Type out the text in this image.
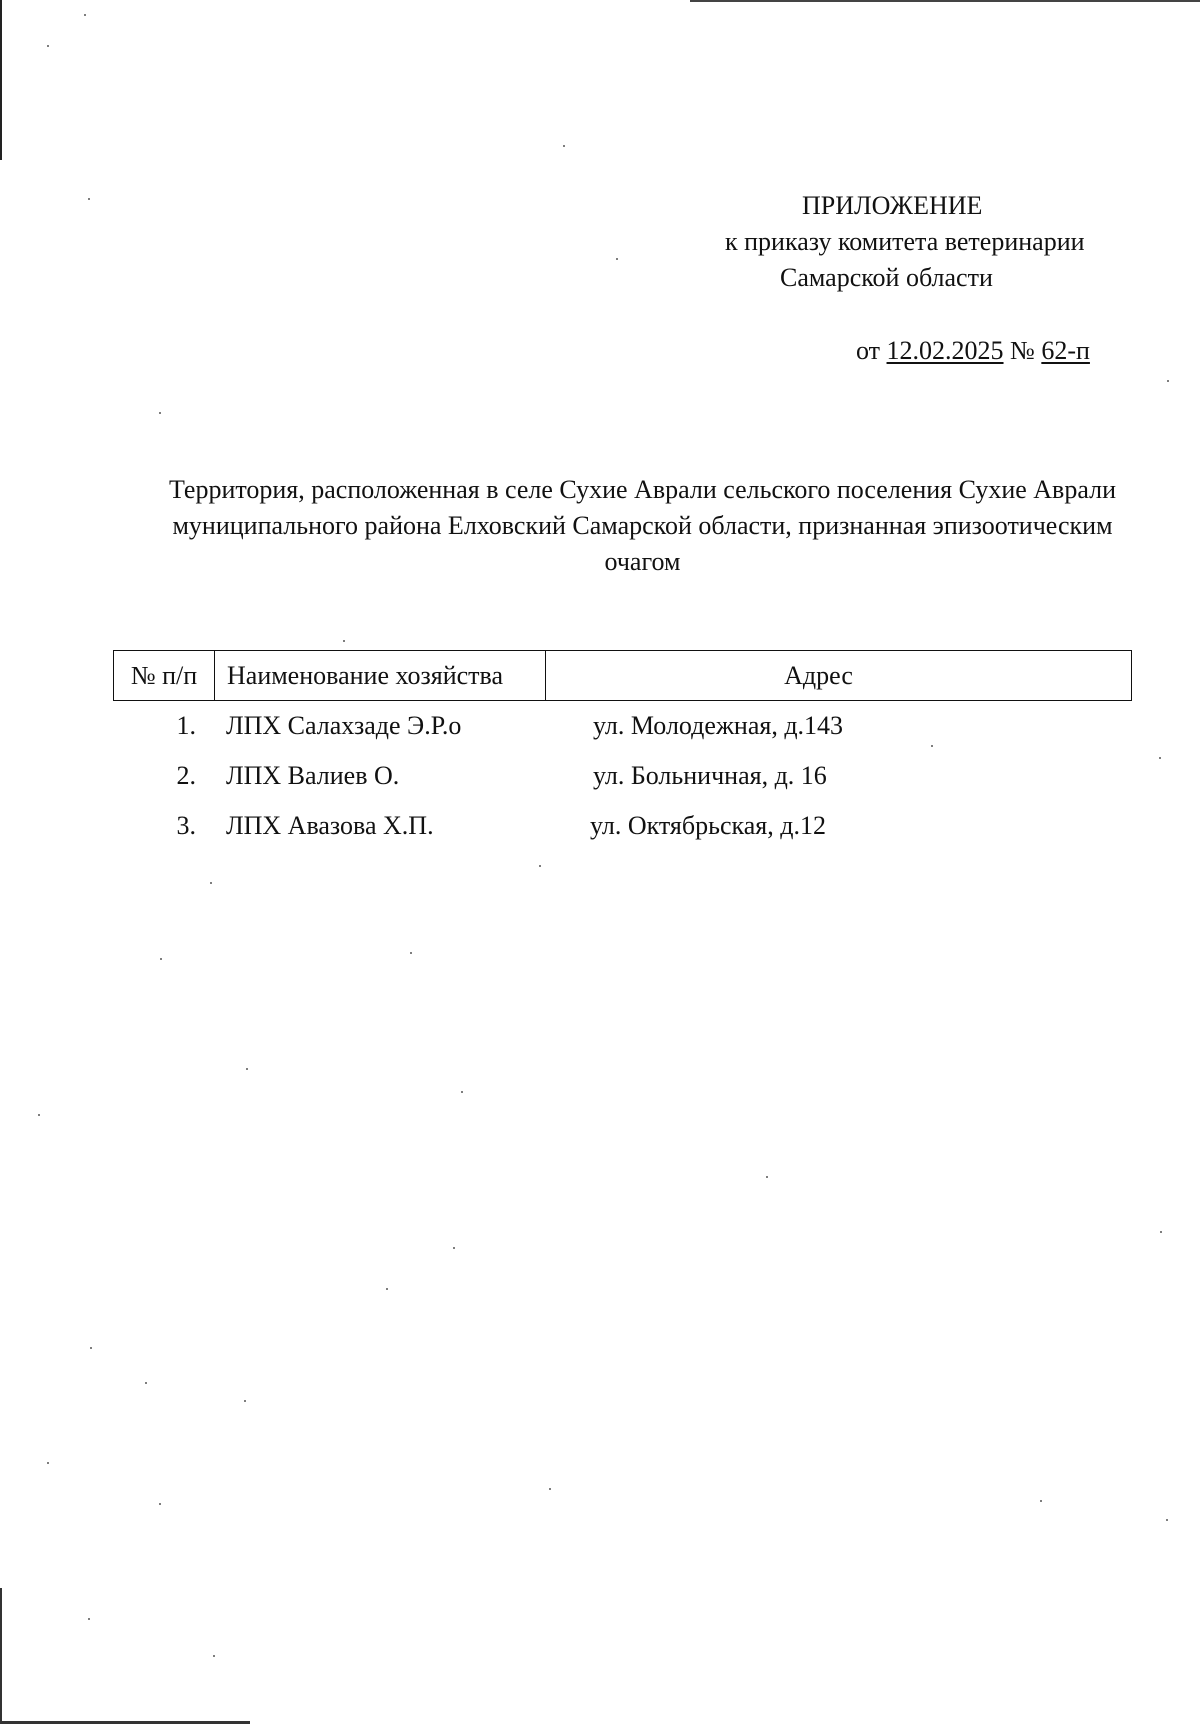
ПРИЛОЖЕНИЕ
к приказу комитета ветеринарии
Самарской области
от 12.02.2025 № 62-п
Территория, расположенная в селе Сухие Аврали сельского поселения Сухие Аврали муниципального района Елховский Самарской области, признанная эпизоотическим очагом
№ п/п	Наименование хозяйства	Адрес
1. ЛПХ Салахзаде Э.Р.о	ул. Молодежная, д.143
2. ЛПХ Валиев О.	ул. Больничная, д. 16
3. ЛПХ Авазова Х.П.	ул. Октябрьская, д.12
